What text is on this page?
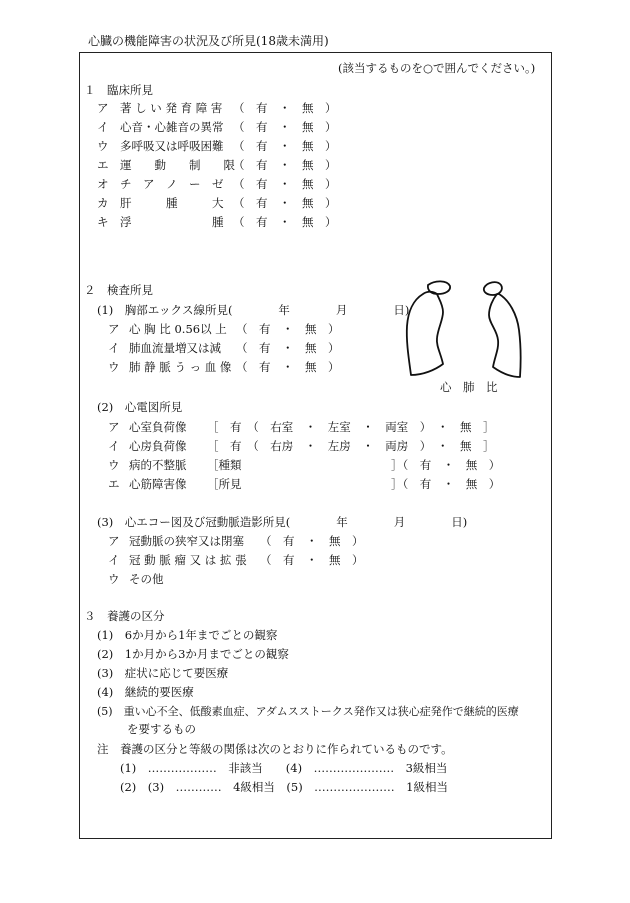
心臓の機能障害の状況及び所見(18歳未満用)
(該当するものを○で囲んでください。)
１　臨床所見
ア 著 し い 発 育 障 害 （　有　・　無　）
イ 心音・心雑音の異常 （　有　・　無　）
ウ 多呼吸又は呼吸困難 （　有　・　無　）
エ 運　　動　　制　　限
（　有　・　無　）
オ チ　ア　ノ　ー　ゼ （　有　・　無　）
カ 肝　　　腫　　　大 （　有　・　無　）
キ 浮　　　　　　　腫 （　有　・　無　）
２　検査所見
(1)　胸部エックス線所見(　　　　年　　　　月　　　　日)
ア 心 胸 比 0.56以 上 （　有　・　無　）
イ 肺血流量増又は減 （　有　・　無　）
ウ 肺 静 脈 う っ 血 像 （　有　・　無　）
心　肺　比
(2)　心電図所見
ア 心室負荷像 ［　有　（　右室　・　左室　・　両室　）　・　無　］
イ 心房負荷像 ［　有　（　右房　・　左房　・　両房　）　・　無　］
ウ 病的不整脈 ［種類　　　　　　　　　　　　　］（　有　・　無　）
エ 心筋障害像 ［所見　　　　　　　　　　　　　］（　有　・　無　）
(3)　心エコー図及び冠動脈造影所見(　　　　年　　　　月　　　　日)
ア 冠動脈の狭窄又は閉塞 （　有　・　無　）
イ 冠 動 脈 瘤 又 は 拡 張 （　有　・　無　）
ウ その他
３　養護の区分
(1)　6か月から1年までごとの観察
(2)　1か月から3か月までごとの観察
(3)　症状に応じて要医療
(4)　継続的要医療
(5)　重い心不全、低酸素血症、アダムスストークス発作又は狭心症発作で継続的医療
を要するもの
注　養護の区分と等級の関係は次のとおりに作られているものです。
(1)　………………　非該当　　(4)　…………………　3級相当
(2)　(3)　…………　4級相当　(5)　…………………　1級相当
